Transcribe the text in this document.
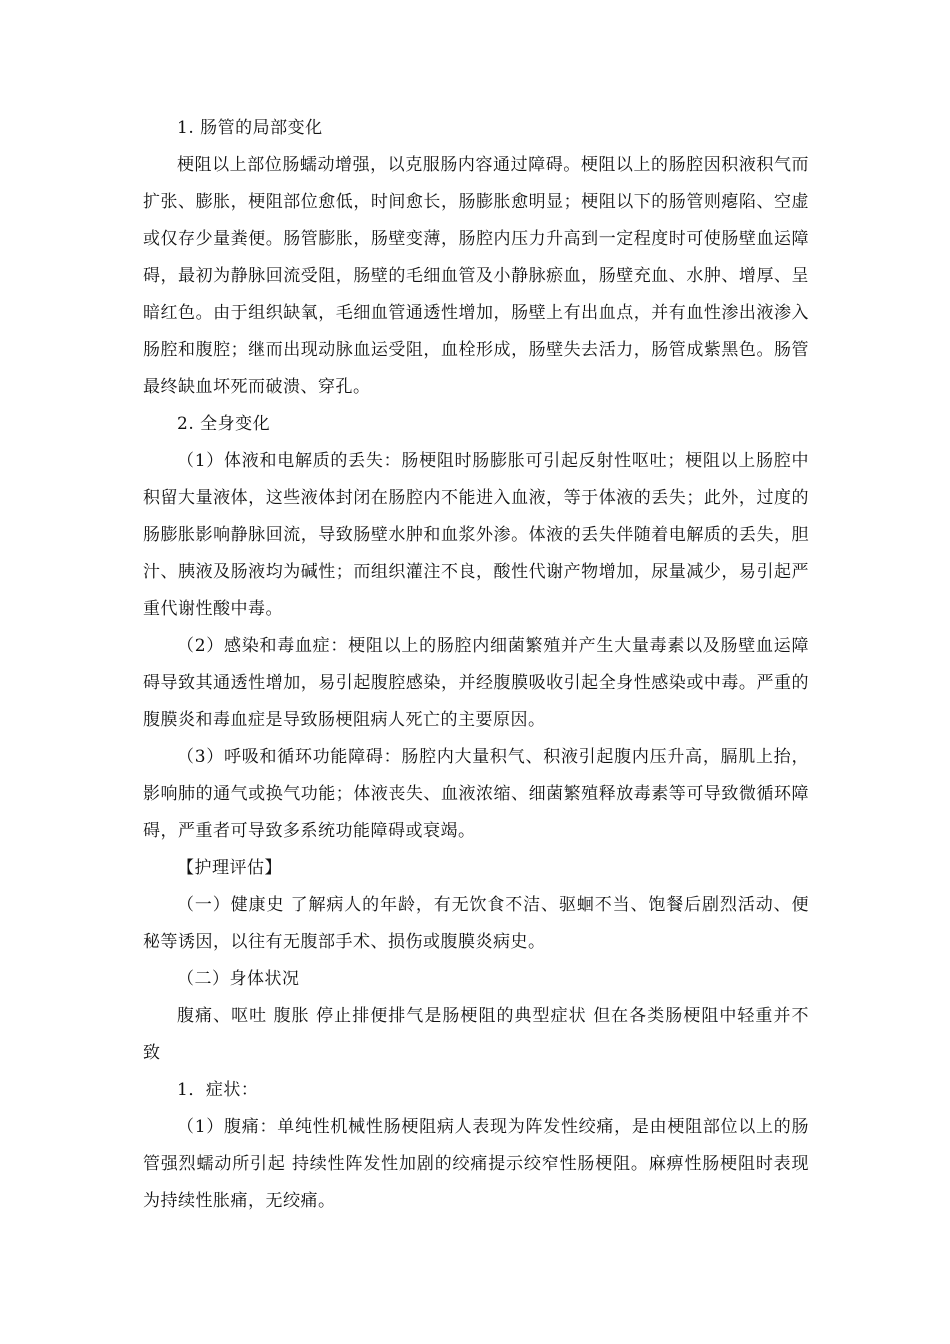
1. 肠管的局部变化

梗阻以上部位肠蠕动增强，以克服肠内容通过障碍。梗阻以上的肠腔因积液积气而扩张、膨胀，梗阻部位愈低，时间愈长，肠膨胀愈明显；梗阻以下的肠管则瘪陷、空虚或仅存少量粪便。肠管膨胀，肠壁变薄，肠腔内压力升高到一定程度时可使肠壁血运障碍，最初为静脉回流受阻，肠壁的毛细血管及小静脉瘀血，肠壁充血、水肿、增厚、呈暗红色。由于组织缺氧，毛细血管通透性增加，肠壁上有出血点，并有血性渗出液渗入肠腔和腹腔；继而出现动脉血运受阻，血栓形成，肠壁失去活力，肠管成紫黑色。肠管最终缺血坏死而破溃、穿孔。

2. 全身变化

（1）体液和电解质的丢失：肠梗阻时肠膨胀可引起反射性呕吐；梗阻以上肠腔中积留大量液体，这些液体封闭在肠腔内不能进入血液，等于体液的丢失；此外，过度的肠膨胀影响静脉回流，导致肠壁水肿和血浆外渗。体液的丢失伴随着电解质的丢失，胆汁、胰液及肠液均为碱性；而组织灌注不良，酸性代谢产物增加，尿量减少，易引起严重代谢性酸中毒。

（2）感染和毒血症：梗阻以上的肠腔内细菌繁殖并产生大量毒素以及肠壁血运障碍导致其通透性增加，易引起腹腔感染，并经腹膜吸收引起全身性感染或中毒。严重的腹膜炎和毒血症是导致肠梗阻病人死亡的主要原因。

（3）呼吸和循环功能障碍：肠腔内大量积气、积液引起腹内压升高，膈肌上抬，影响肺的通气或换气功能；体液丧失、血液浓缩、细菌繁殖释放毒素等可导致微循环障碍，严重者可导致多系统功能障碍或衰竭。

【护理评估】

（一）健康史 了解病人的年龄，有无饮食不洁、驱蛔不当、饱餐后剧烈活动、便秘等诱因，以往有无腹部手术、损伤或腹膜炎病史。

（二）身体状况

腹痛、呕吐 腹胀 停止排便排气是肠梗阻的典型症状 但在各类肠梗阻中轻重并不 致

1．症状：

（1）腹痛：单纯性机械性肠梗阻病人表现为阵发性绞痛，是由梗阻部位以上的肠管强烈蠕动所引起 持续性阵发性加剧的绞痛提示绞窄性肠梗阻。麻痹性肠梗阻时表现为持续性胀痛，无绞痛。
